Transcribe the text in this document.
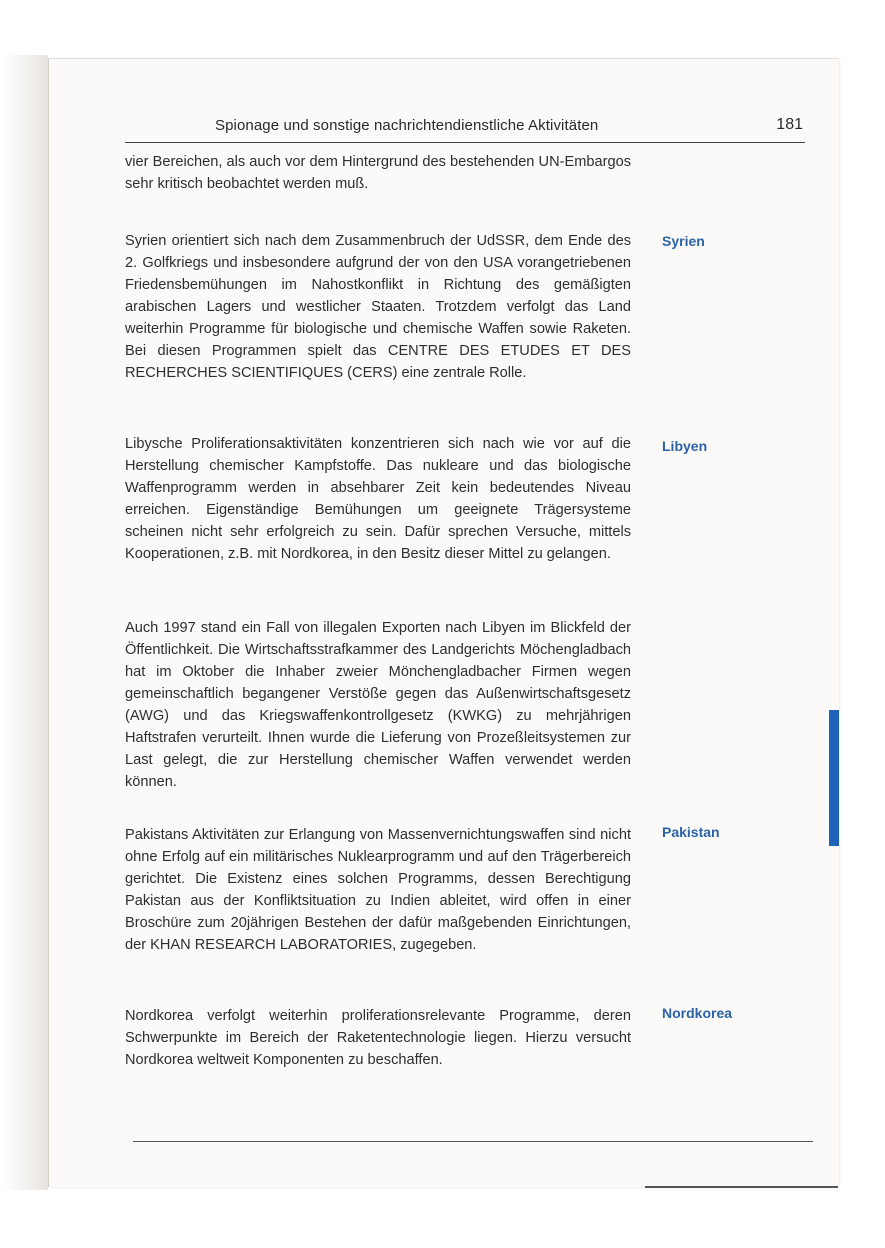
Spionage und sonstige nachrichtendienstliche Aktivitäten	181

vier Bereichen, als auch vor dem Hintergrund des bestehenden UN-Embargos sehr kritisch beobachtet werden muß.

Syrien orientiert sich nach dem Zusammenbruch der UdSSR, dem Ende des 2. Golfkriegs und insbesondere aufgrund der von den USA vorangetriebenen Friedensbemühungen im Nahostkonflikt in Richtung des gemäßigten arabischen Lagers und westlicher Staaten. Trotzdem verfolgt das Land weiterhin Programme für biologische und chemische Waffen sowie Raketen. Bei diesen Programmen spielt das CENTRE DES ETUDES ET DES RECHERCHES SCIENTIFIQUES (CERS) eine zentrale Rolle.

Syrien

Libysche Proliferationsaktivitäten konzentrieren sich nach wie vor auf die Herstellung chemischer Kampfstoffe. Das nukleare und das biologische Waffenprogramm werden in absehbarer Zeit kein bedeutendes Niveau erreichen. Eigenständige Bemühungen um geeignete Trägersysteme scheinen nicht sehr erfolgreich zu sein. Dafür sprechen Versuche, mittels Kooperationen, z.B. mit Nordkorea, in den Besitz dieser Mittel zu gelangen.

Libyen

Auch 1997 stand ein Fall von illegalen Exporten nach Libyen im Blickfeld der Öffentlichkeit. Die Wirtschaftsstrafkammer des Landgerichts Möchengladbach hat im Oktober die Inhaber zweier Mönchengladbacher Firmen wegen gemeinschaftlich begangener Verstöße gegen das Außenwirtschaftsgesetz (AWG) und das Kriegswaffenkontrollgesetz (KWKG) zu mehrjährigen Haftstrafen verurteilt. Ihnen wurde die Lieferung von Prozeßleitsystemen zur Last gelegt, die zur Herstellung chemischer Waffen verwendet werden können.

Pakistans Aktivitäten zur Erlangung von Massenvernichtungswaffen sind nicht ohne Erfolg auf ein militärisches Nuklearprogramm und auf den Trägerbereich gerichtet. Die Existenz eines solchen Programms, dessen Berechtigung Pakistan aus der Konfliktsituation zu Indien ableitet, wird offen in einer Broschüre zum 20jährigen Bestehen der dafür maßgebenden Einrichtungen, der KHAN RESEARCH LABORATORIES, zugegeben.

Pakistan

Nordkorea verfolgt weiterhin proliferationsrelevante Programme, deren Schwerpunkte im Bereich der Raketentechnologie liegen. Hierzu versucht Nordkorea weltweit Komponenten zu beschaffen.

Nordkorea
